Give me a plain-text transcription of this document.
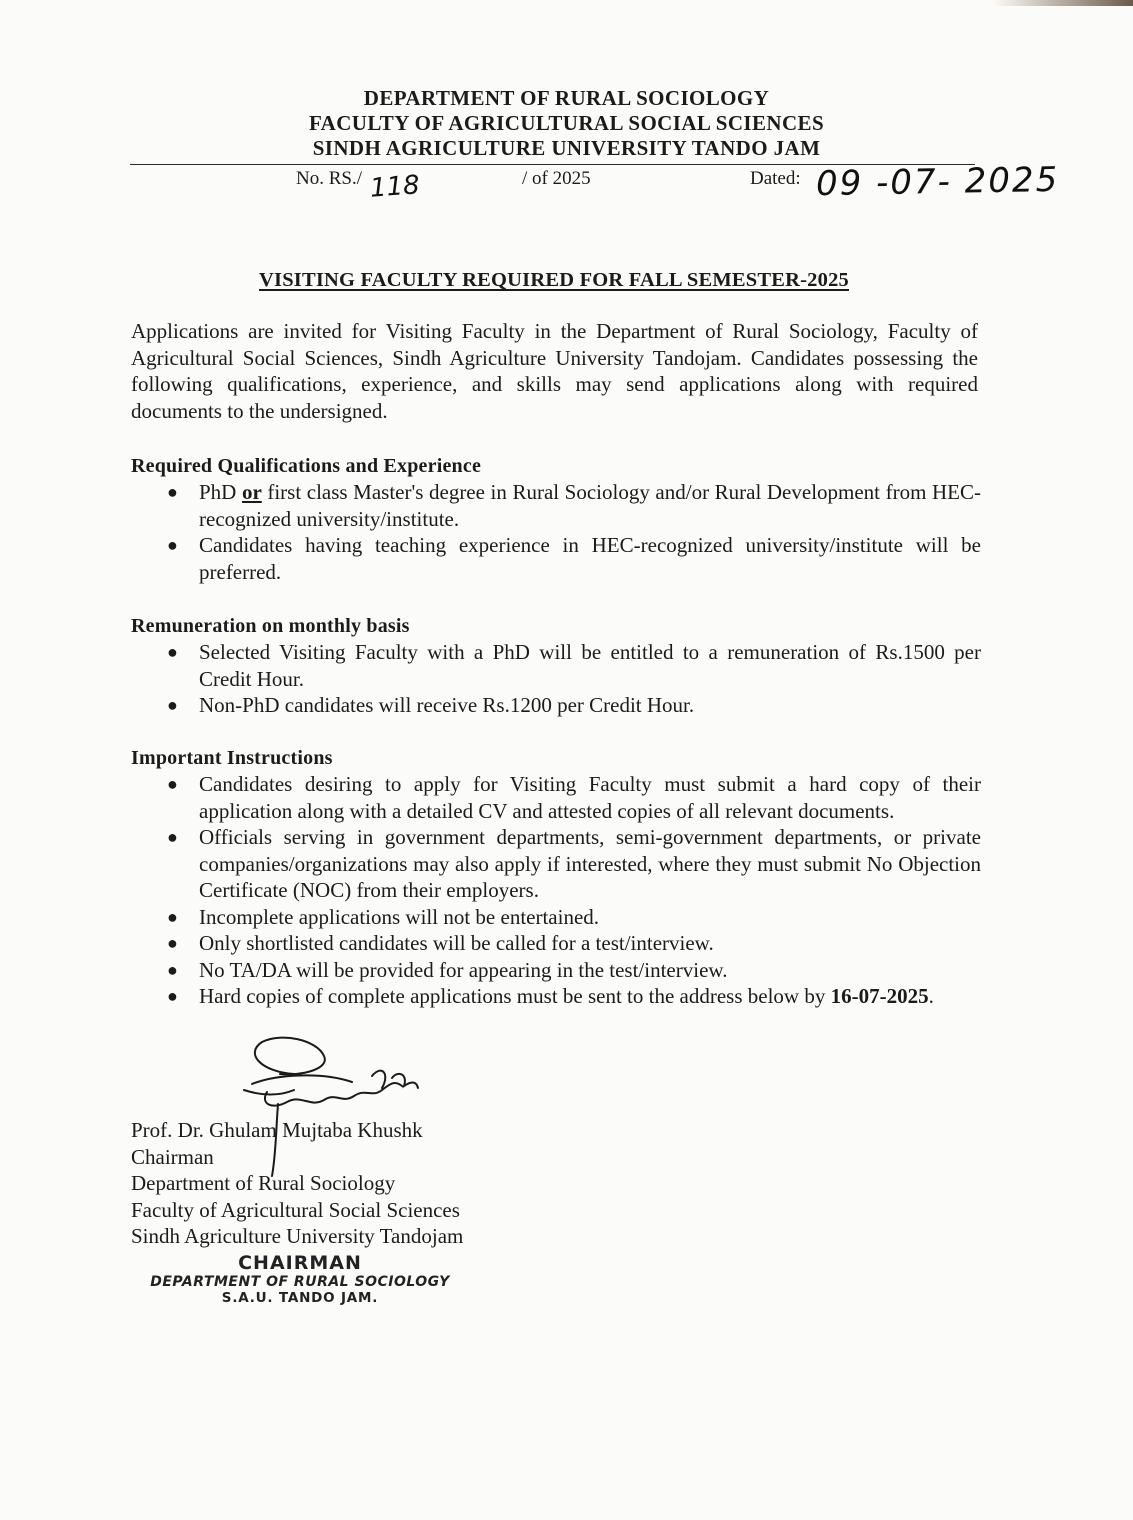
DEPARTMENT OF RURAL SOCIOLOGY
FACULTY OF AGRICULTURAL SOCIAL SCIENCES
SINDH AGRICULTURE UNIVERSITY TANDO JAM
No. RS./ 118	/ of 2025	Dated: 09 -07- 2025
VISITING FACULTY REQUIRED FOR FALL SEMESTER-2025
Applications are invited for Visiting Faculty in the Department of Rural Sociology, Faculty of Agricultural Social Sciences, Sindh Agriculture University Tandojam. Candidates possessing the following qualifications, experience, and skills may send applications along with required documents to the undersigned.
Required Qualifications and Experience
● PhD or first class Master's degree in Rural Sociology and/or Rural Development from HEC-recognized university/institute.
● Candidates having teaching experience in HEC-recognized university/institute will be preferred.
Remuneration on monthly basis
● Selected Visiting Faculty with a PhD will be entitled to a remuneration of Rs.1500 per Credit Hour.
● Non-PhD candidates will receive Rs.1200 per Credit Hour.
Important Instructions
● Candidates desiring to apply for Visiting Faculty must submit a hard copy of their application along with a detailed CV and attested copies of all relevant documents.
● Officials serving in government departments, semi-government departments, or private companies/organizations may also apply if interested, where they must submit No Objection Certificate (NOC) from their employers.
● Incomplete applications will not be entertained.
● Only shortlisted candidates will be called for a test/interview.
● No TA/DA will be provided for appearing in the test/interview.
● Hard copies of complete applications must be sent to the address below by 16-07-2025.
Prof. Dr. Ghulam Mujtaba Khushk
Chairman
Department of Rural Sociology
Faculty of Agricultural Social Sciences
Sindh Agriculture University Tandojam
CHAIRMAN
DEPARTMENT OF RURAL SOCIOLOGY
S.A.U. TANDO JAM.
